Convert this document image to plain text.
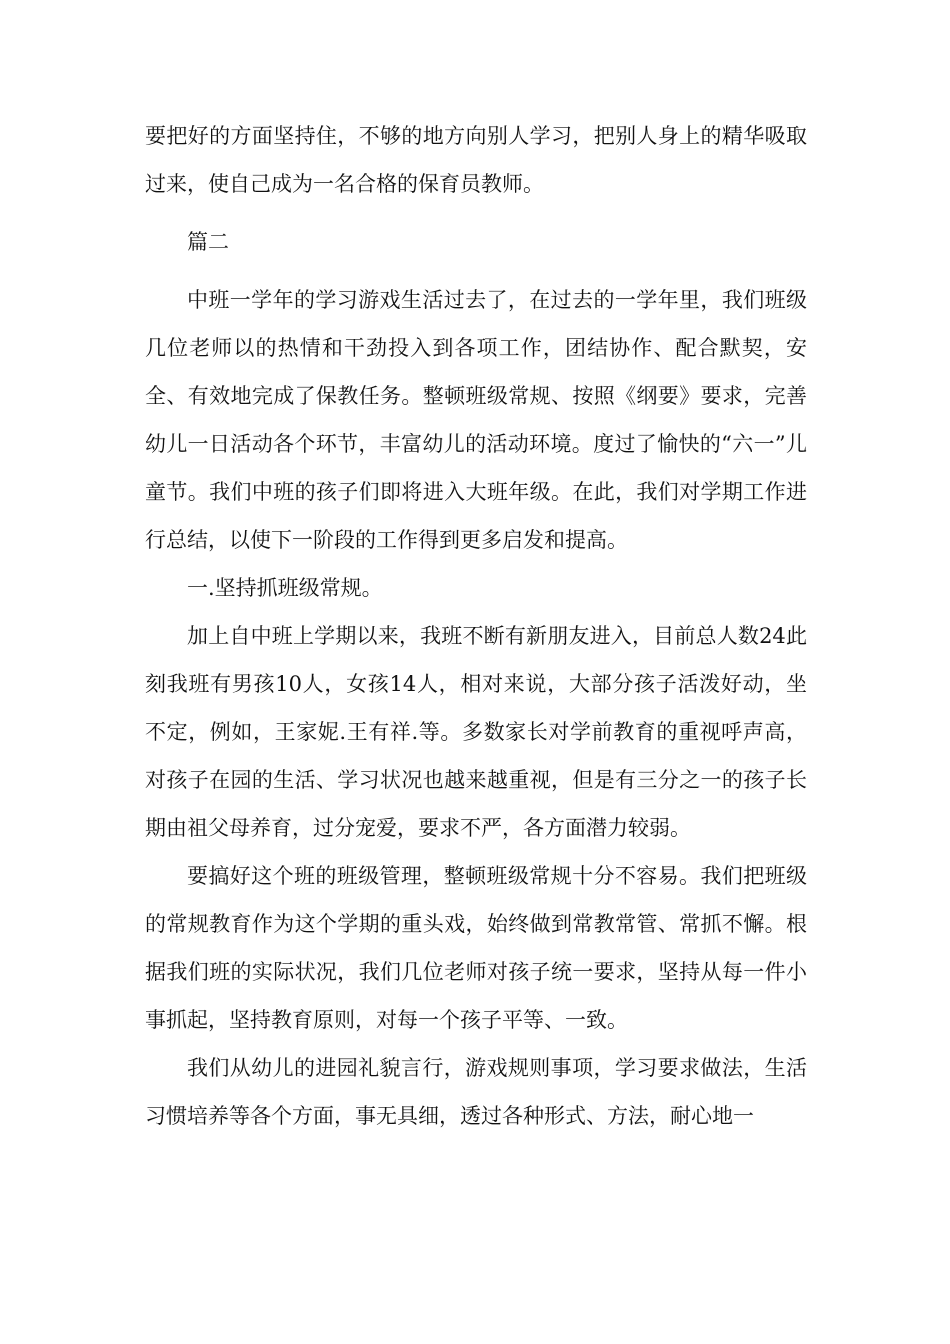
要把好的方面坚持住，不够的地方向别人学习，把别人身上的精华吸取过来，使自己成为一名合格的保育员教师。

篇二

中班一学年的学习游戏生活过去了，在过去的一学年里，我们班级几位老师以的热情和干劲投入到各项工作，团结协作、配合默契，安全、有效地完成了保教任务。整顿班级常规、按照《纲要》要求，完善幼儿一日活动各个环节，丰富幼儿的活动环境。度过了愉快的“六一”儿童节。我们中班的孩子们即将进入大班年级。在此，我们对学期工作进行总结，以使下一阶段的工作得到更多启发和提高。

一.坚持抓班级常规。

加上自中班上学期以来，我班不断有新朋友进入，目前总人数24此刻我班有男孩10人，女孩14人，相对来说，大部分孩子活泼好动，坐不定，例如，王家妮.王有祥.等。多数家长对学前教育的重视呼声高，对孩子在园的生活、学习状况也越来越重视，但是有三分之一的孩子长期由祖父母养育，过分宠爱，要求不严，各方面潜力较弱。

要搞好这个班的班级管理，整顿班级常规十分不容易。我们把班级的常规教育作为这个学期的重头戏，始终做到常教常管、常抓不懈。根据我们班的实际状况，我们几位老师对孩子统一要求，坚持从每一件小事抓起，坚持教育原则，对每一个孩子平等、一致。

我们从幼儿的进园礼貌言行，游戏规则事项，学习要求做法，生活习惯培养等各个方面，事无具细，透过各种形式、方法，耐心地一
